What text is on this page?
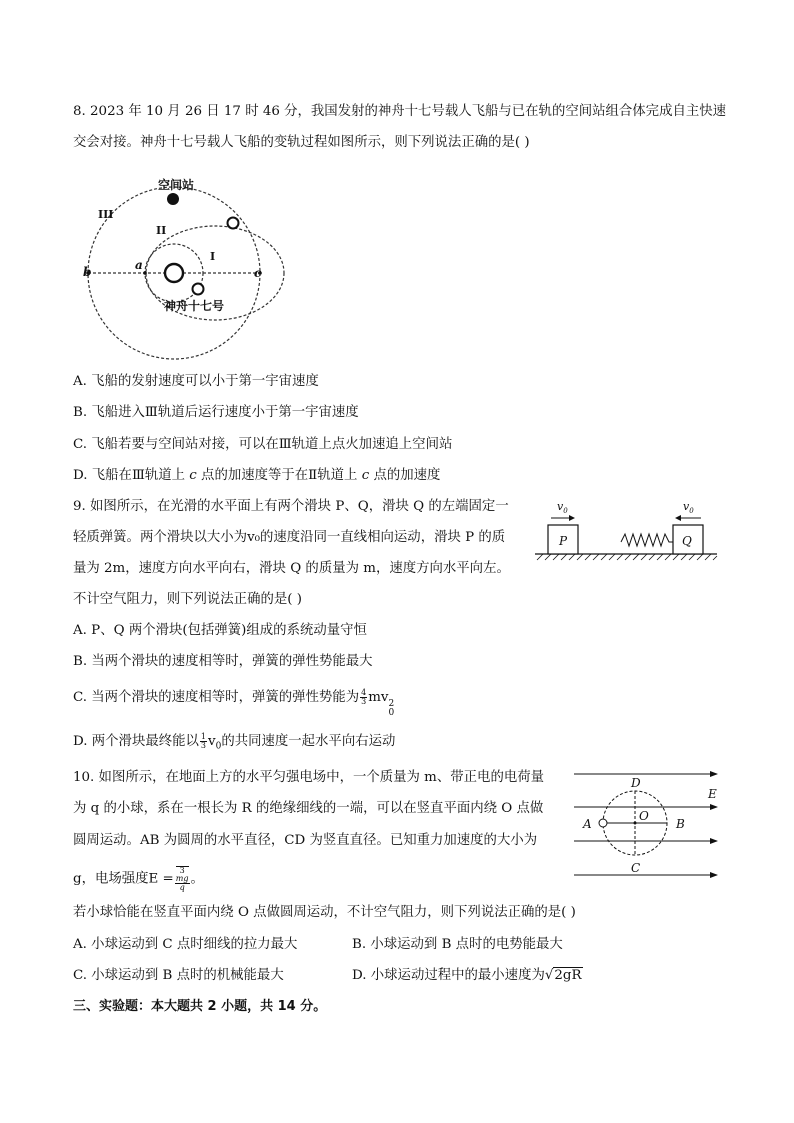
8. 2023 年 10 月 26 日 17 时 46 分，我国发射的神舟十七号载人飞船与已在轨的空间站组合体完成自主快速
交会对接。神舟十七号载人飞船的变轨过程如图所示，则下列说法正确的是( )
空间站
神舟十七号
III
II
I
a
b	c
A. 飞船的发射速度可以小于第一宇宙速度
B. 飞船进入Ⅲ轨道后运行速度小于第一宇宙速度
C. 飞船若要与空间站对接，可以在Ⅲ轨道上点火加速追上空间站
D. 飞船在Ⅲ轨道上 c 点的加速度等于在Ⅱ轨道上 c 点的加速度
9. 如图所示，在光滑的水平面上有两个滑块 P、Q，滑块 Q 的左端固定一
轻质弹簧。两个滑块以大小为v₀的速度沿同一直线相向运动，滑块 P 的质
量为 2m，速度方向水平向右，滑块 Q 的质量为 m，速度方向水平向左。
不计空气阻力，则下列说法正确的是( )
P	Q
$v_0$	$v_0$
A. P、Q 两个滑块(包括弹簧)组成的系统动量守恒
B. 当两个滑块的速度相等时，弹簧的弹性势能最大
C. 当两个滑块的速度相等时，弹簧的弹性势能为 $\frac{4}{3}$ mv 2
0
D. 两个滑块最终能以 $\frac{1}{3} v_0$的共同速度一起水平向右运动
10. 如图所示，在地面上方的水平匀强电场中，一个质量为 m、带正电的电荷量
为 q 的小球，系在一根长为 R 的绝缘细线的一端，可以在竖直平面内绕 O 点做
圆周运动。AB 为圆周的水平直径，CD 为竖直直径。已知重力加速度的大小为
g，电场强度E = 3
mg
q 。
D
C
A	B
O
E
若小球恰能在竖直平面内绕 O 点做圆周运动，不计空气阻力，则下列说法正确的是( )
A. 小球运动到 C 点时细线的拉力最大	B. 小球运动到 B 点时的电势能最大
C. 小球运动到 B 点时的机械能最大	D. 小球运动过程中的最小速度为√2gR
三、实验题：本大题共 2 小题，共 14 分。
